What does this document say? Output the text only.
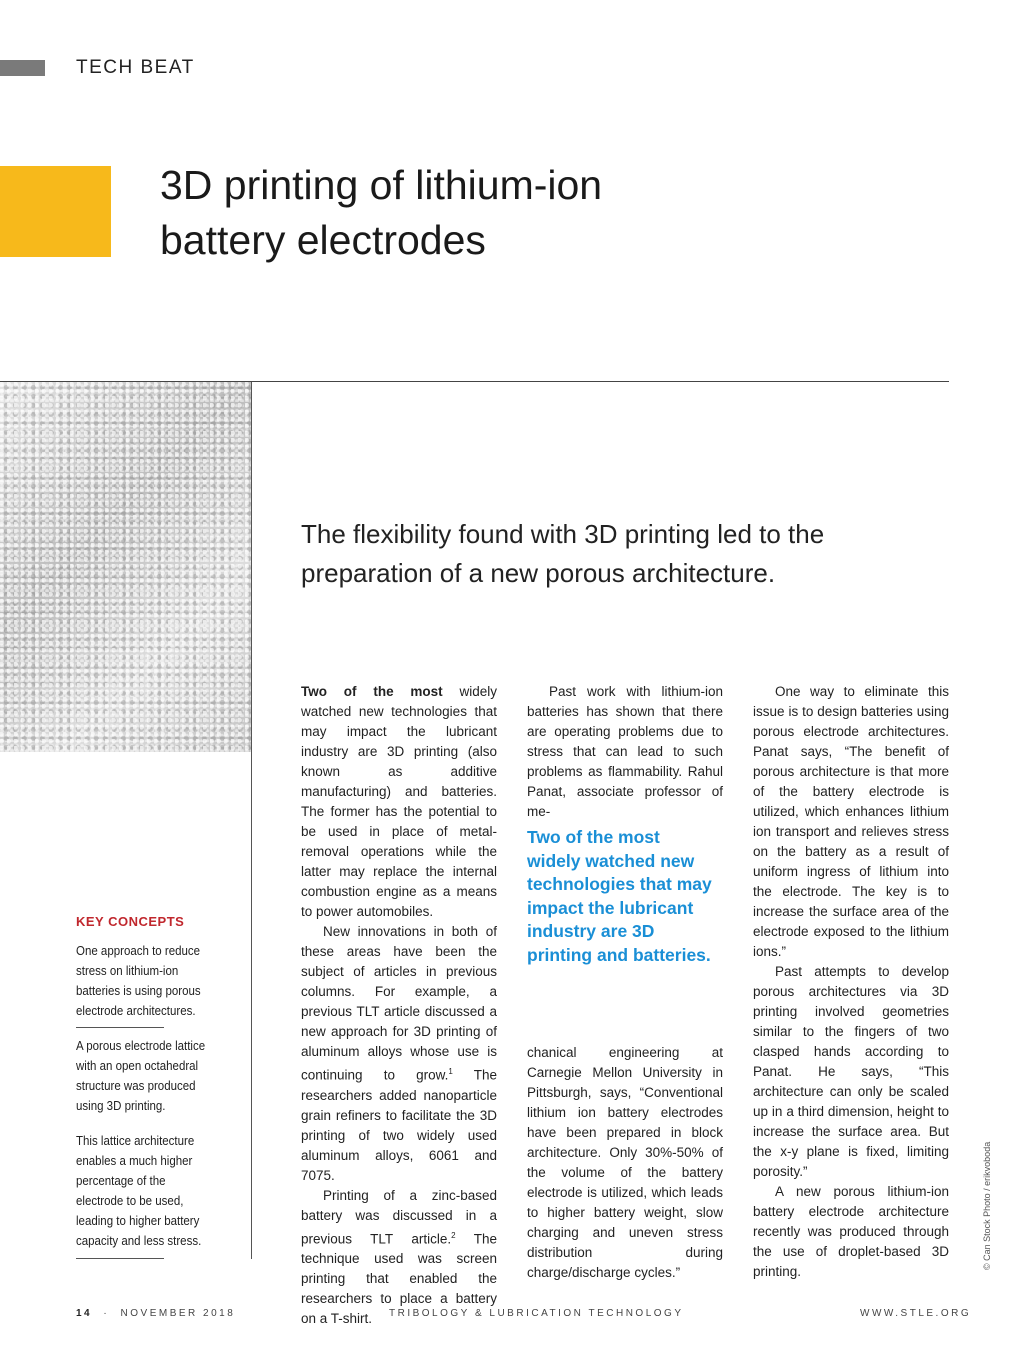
TECH BEAT
3D printing of lithium-ion
battery electrodes
The flexibility found with 3D printing led to the preparation of a new porous architecture.
KEY CONCEPTS
One approach to reduce stress on lithium-ion batteries is using porous electrode architectures.
A porous electrode lattice with an open octahedral structure was produced using 3D printing.
This lattice architecture enables a much higher percentage of the electrode to be used, leading to higher battery capacity and less stress.

Two of the most widely watched new technologies that may impact the lubricant industry are 3D printing (also known as additive manufacturing) and batteries. The former has the potential to be used in place of metal-removal operations while the latter may replace the internal combustion engine as a means to power automobiles.

New innovations in both of these areas have been the subject of articles in previous columns. For example, a previous TLT article discussed a new approach for 3D printing of aluminum alloys whose use is continuing to grow.$^1$ The researchers added nanoparticle grain refiners to facilitate the 3D printing of two widely used aluminum alloys, 6061 and 7075.

Printing of a zinc-based battery was discussed in a previous TLT article.$^2$ The technique used was screen printing that enabled the researchers to place a battery on a T-shirt.

Past work with lithium-ion batteries has shown that there are operating problems due to stress that can lead to such problems as flammability. Rahul Panat, associate professor of me-

Two of the most widely watched new technologies that may impact the lubricant industry are 3D printing and batteries.

chanical engineering at Carnegie Mellon University in Pittsburgh, says, “Conventional lithium ion battery electrodes have been prepared in block architecture. Only 30%-50% of the volume of the battery electrode is utilized, which leads to higher battery weight, slow charging and uneven stress distribution during charge/discharge cycles.”

One way to eliminate this issue is to design batteries using porous electrode architectures. Panat says, “The benefit of porous architecture is that more of the battery electrode is utilized, which enhances lithium ion transport and relieves stress on the battery as a result of uniform ingress of lithium into the electrode. The key is to increase the surface area of the electrode exposed to the lithium ions.”

Past attempts to develop porous architectures via 3D printing involved geometries similar to the fingers of two clasped hands according to Panat. He says, “This architecture can only be scaled up in a third dimension, height to increase the surface area. But the x-y plane is fixed, limiting porosity.”

A new porous lithium-ion battery electrode architecture recently was produced through the use of droplet-based 3D printing.

© Can Stock Photo / erikvoboda
14 · NOVEMBER 2018	TRIBOLOGY & LUBRICATION TECHNOLOGY	WWW.STLE.ORG
